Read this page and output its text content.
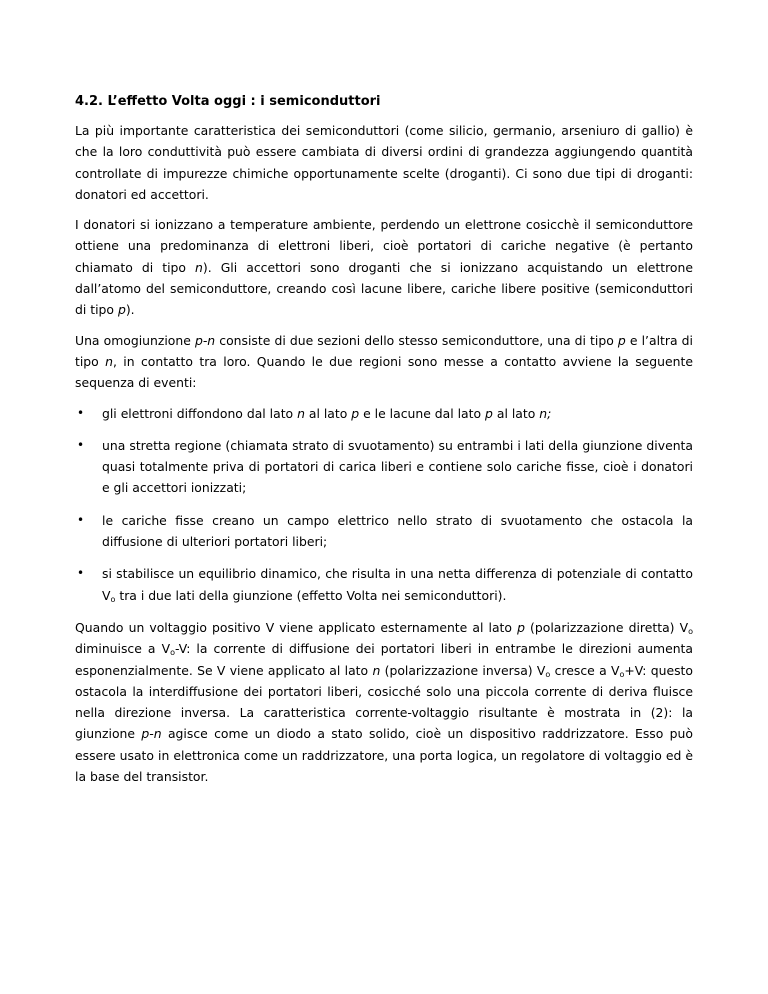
4.2. L’effetto Volta oggi : i semiconduttori

La più importante caratteristica dei semiconduttori (come silicio, germanio, arseniuro di gallio) è che la loro conduttività può essere cambiata di diversi ordini di grandezza aggiungendo quantità controllate di impurezze chimiche opportunamente scelte (droganti). Ci sono due tipi di droganti: donatori ed accettori.

I donatori si ionizzano a temperature ambiente, perdendo un elettrone cosicchè il semiconduttore ottiene una predominanza di elettroni liberi, cioè portatori di cariche negative (è pertanto chiamato di tipo n). Gli accettori sono droganti che si ionizzano acquistando un elettrone dall’atomo del semiconduttore, creando così lacune libere, cariche libere positive (semiconduttori di tipo p).

Una omogiunzione p-n consiste di due sezioni dello stesso semiconduttore, una di tipo p e l’altra di tipo n, in contatto tra loro. Quando le due regioni sono messe a contatto avviene la seguente sequenza di eventi:

• gli elettroni diffondono dal lato n al lato p e le lacune dal lato p al lato n;
• una stretta regione (chiamata strato di svuotamento) su entrambi i lati della giunzione diventa quasi totalmente priva di portatori di carica liberi e contiene solo cariche fisse, cioè i donatori e gli accettori ionizzati;
• le cariche fisse creano un campo elettrico nello strato di svuotamento che ostacola la diffusione di ulteriori portatori liberi;
• si stabilisce un equilibrio dinamico, che risulta in una netta differenza di potenziale di contatto $V_o$ tra i due lati della giunzione (effetto Volta nei semiconduttori).

Quando un voltaggio positivo V viene applicato esternamente al lato p (polarizzazione diretta) $V_o$ diminuisce a $V_o-V$: la corrente di diffusione dei portatori liberi in entrambe le direzioni aumenta esponenzialmente. Se V viene applicato al lato n (polarizzazione inversa) $V_o$ cresce a $V_o+V$: questo ostacola la interdiffusione dei portatori liberi, cosicché solo una piccola corrente di deriva fluisce nella direzione inversa. La caratteristica corrente-voltaggio risultante è mostrata in (2): la giunzione p-n agisce come un diodo a stato solido, cioè un dispositivo raddrizzatore. Esso può essere usato in elettronica come un raddrizzatore, una porta logica, un regolatore di voltaggio ed è la base del transistor.
